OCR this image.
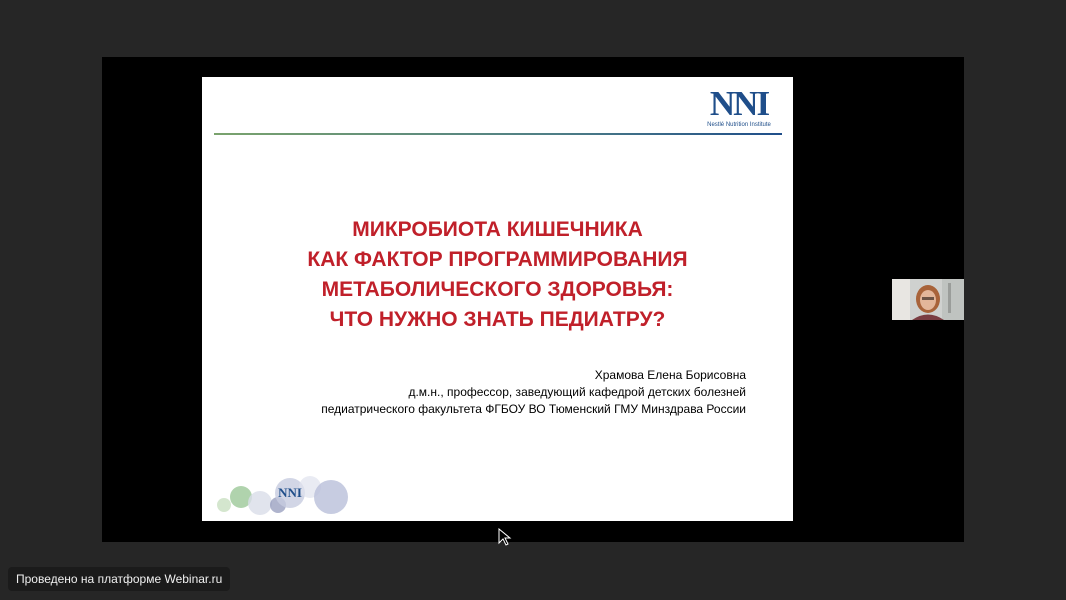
NNI
Nestlé Nutrition Institute
МИКРОБИОТА КИШЕЧНИКА
КАК ФАКТОР ПРОГРАММИРОВАНИЯ
МЕТАБОЛИЧЕСКОГО ЗДОРОВЬЯ:
ЧТО НУЖНО ЗНАТЬ ПЕДИАТРУ?
Храмова Елена Борисовна
д.м.н., профессор, заведующий кафедрой детских болезней
педиатрического факультета ФГБОУ ВО Тюменский ГМУ Минздрава России
NNI
Проведено на платформе Webinar.ru
